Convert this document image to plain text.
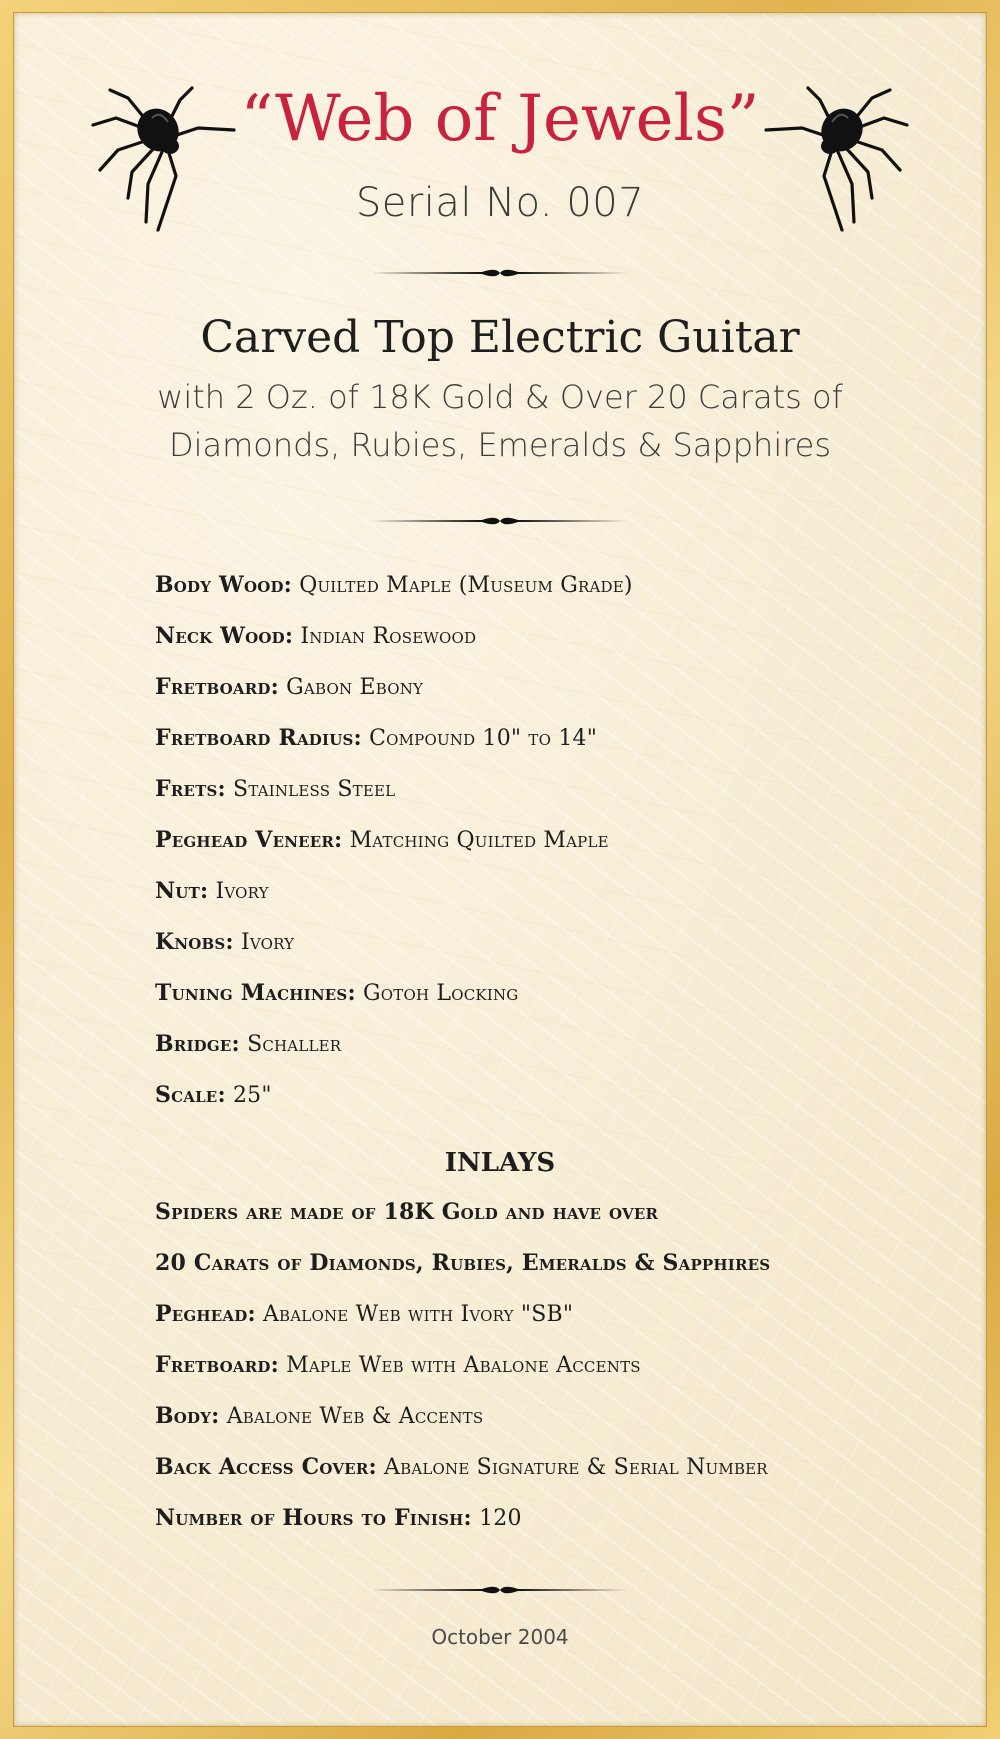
“Web of Jewels”
Serial No. 007
Carved Top Electric Guitar
with 2 Oz. of 18K Gold & Over 20 Carats of
Diamonds, Rubies, Emeralds & Sapphires
Body Wood: Quilted Maple (Museum Grade)
Neck Wood: Indian Rosewood
Fretboard: Gabon Ebony
Fretboard Radius: Compound 10" to 14"
Frets: Stainless Steel
Peghead Veneer: Matching Quilted Maple
Nut: Ivory
Knobs: Ivory
Tuning Machines: Gotoh Locking
Bridge: Schaller
Scale: 25"
INLAYS
Spiders are made of 18K Gold and have over
20 Carats of Diamonds, Rubies, Emeralds & Sapphires
Peghead: Abalone Web with Ivory "SB"
Fretboard: Maple Web with Abalone Accents
Body: Abalone Web & Accents
Back Access Cover: Abalone Signature & Serial Number
Number of Hours to Finish: 120
October 2004
